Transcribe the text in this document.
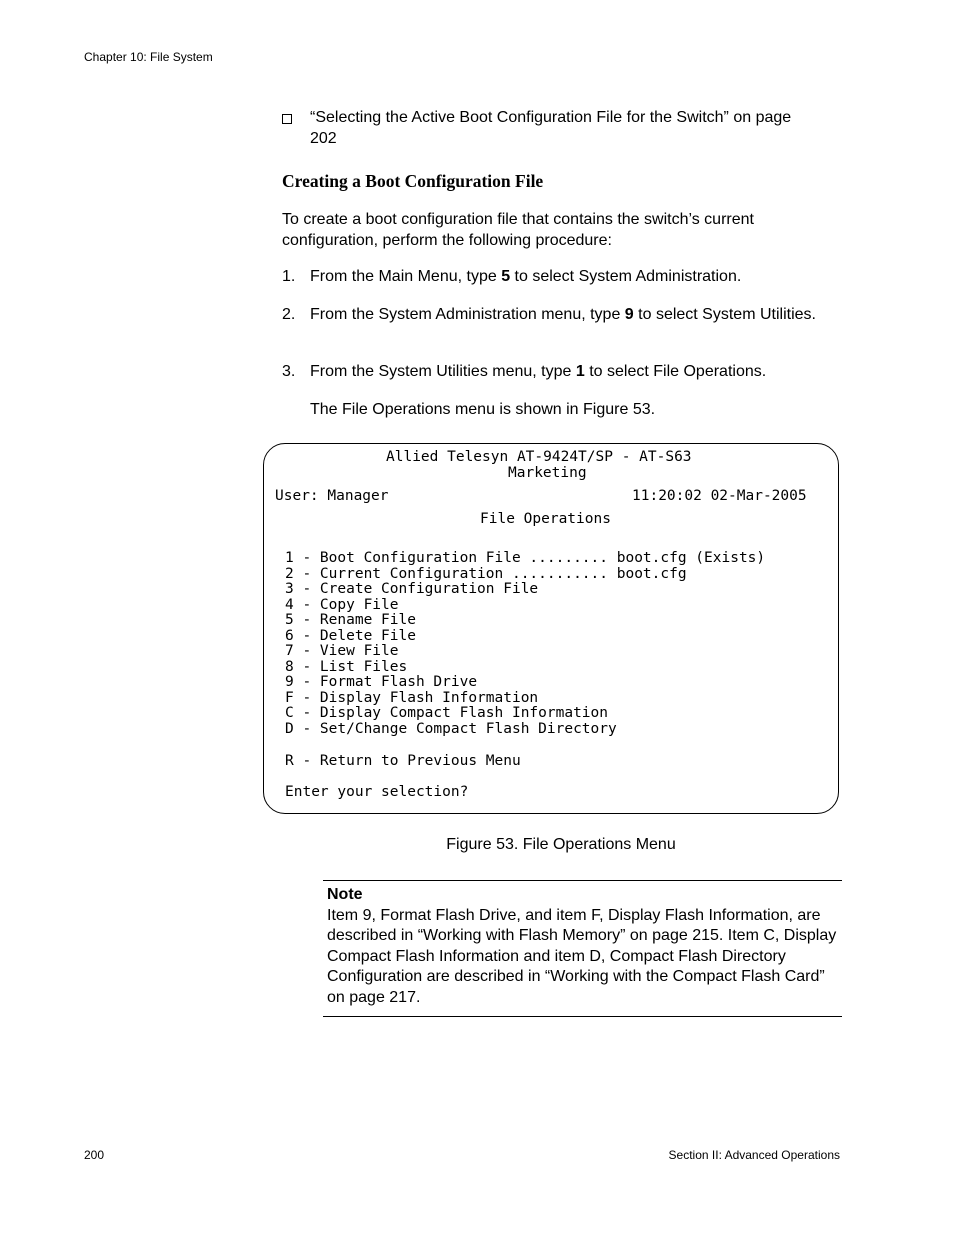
Chapter 10: File System
“Selecting the Active Boot Configuration File for the Switch” on page 202
Creating a Boot Configuration File
To create a boot configuration file that contains the switch’s current configuration, perform the following procedure:
1. From the Main Menu, type 5 to select System Administration.
2. From the System Administration menu, type 9 to select System Utilities.
3. From the System Utilities menu, type 1 to select File Operations.
The File Operations menu is shown in Figure 53.
Allied Telesyn AT-9424T/SP - AT-S63
Marketing
User: Manager	11:20:02 02-Mar-2005
File Operations
1 - Boot Configuration File ......... boot.cfg (Exists)
2 - Current Configuration ........... boot.cfg
3 - Create Configuration File
4 - Copy File
5 - Rename File
6 - Delete File
7 - View File
8 - List Files
9 - Format Flash Drive
F - Display Flash Information
C - Display Compact Flash Information
D - Set/Change Compact Flash Directory
R - Return to Previous Menu
Enter your selection?
Figure 53. File Operations Menu
Note
Item 9, Format Flash Drive, and item F, Display Flash Information, are described in “Working with Flash Memory” on page 215. Item C, Display Compact Flash Information and item D, Compact Flash Directory Configuration are described in “Working with the Compact Flash Card” on page 217.
200	Section II: Advanced Operations
